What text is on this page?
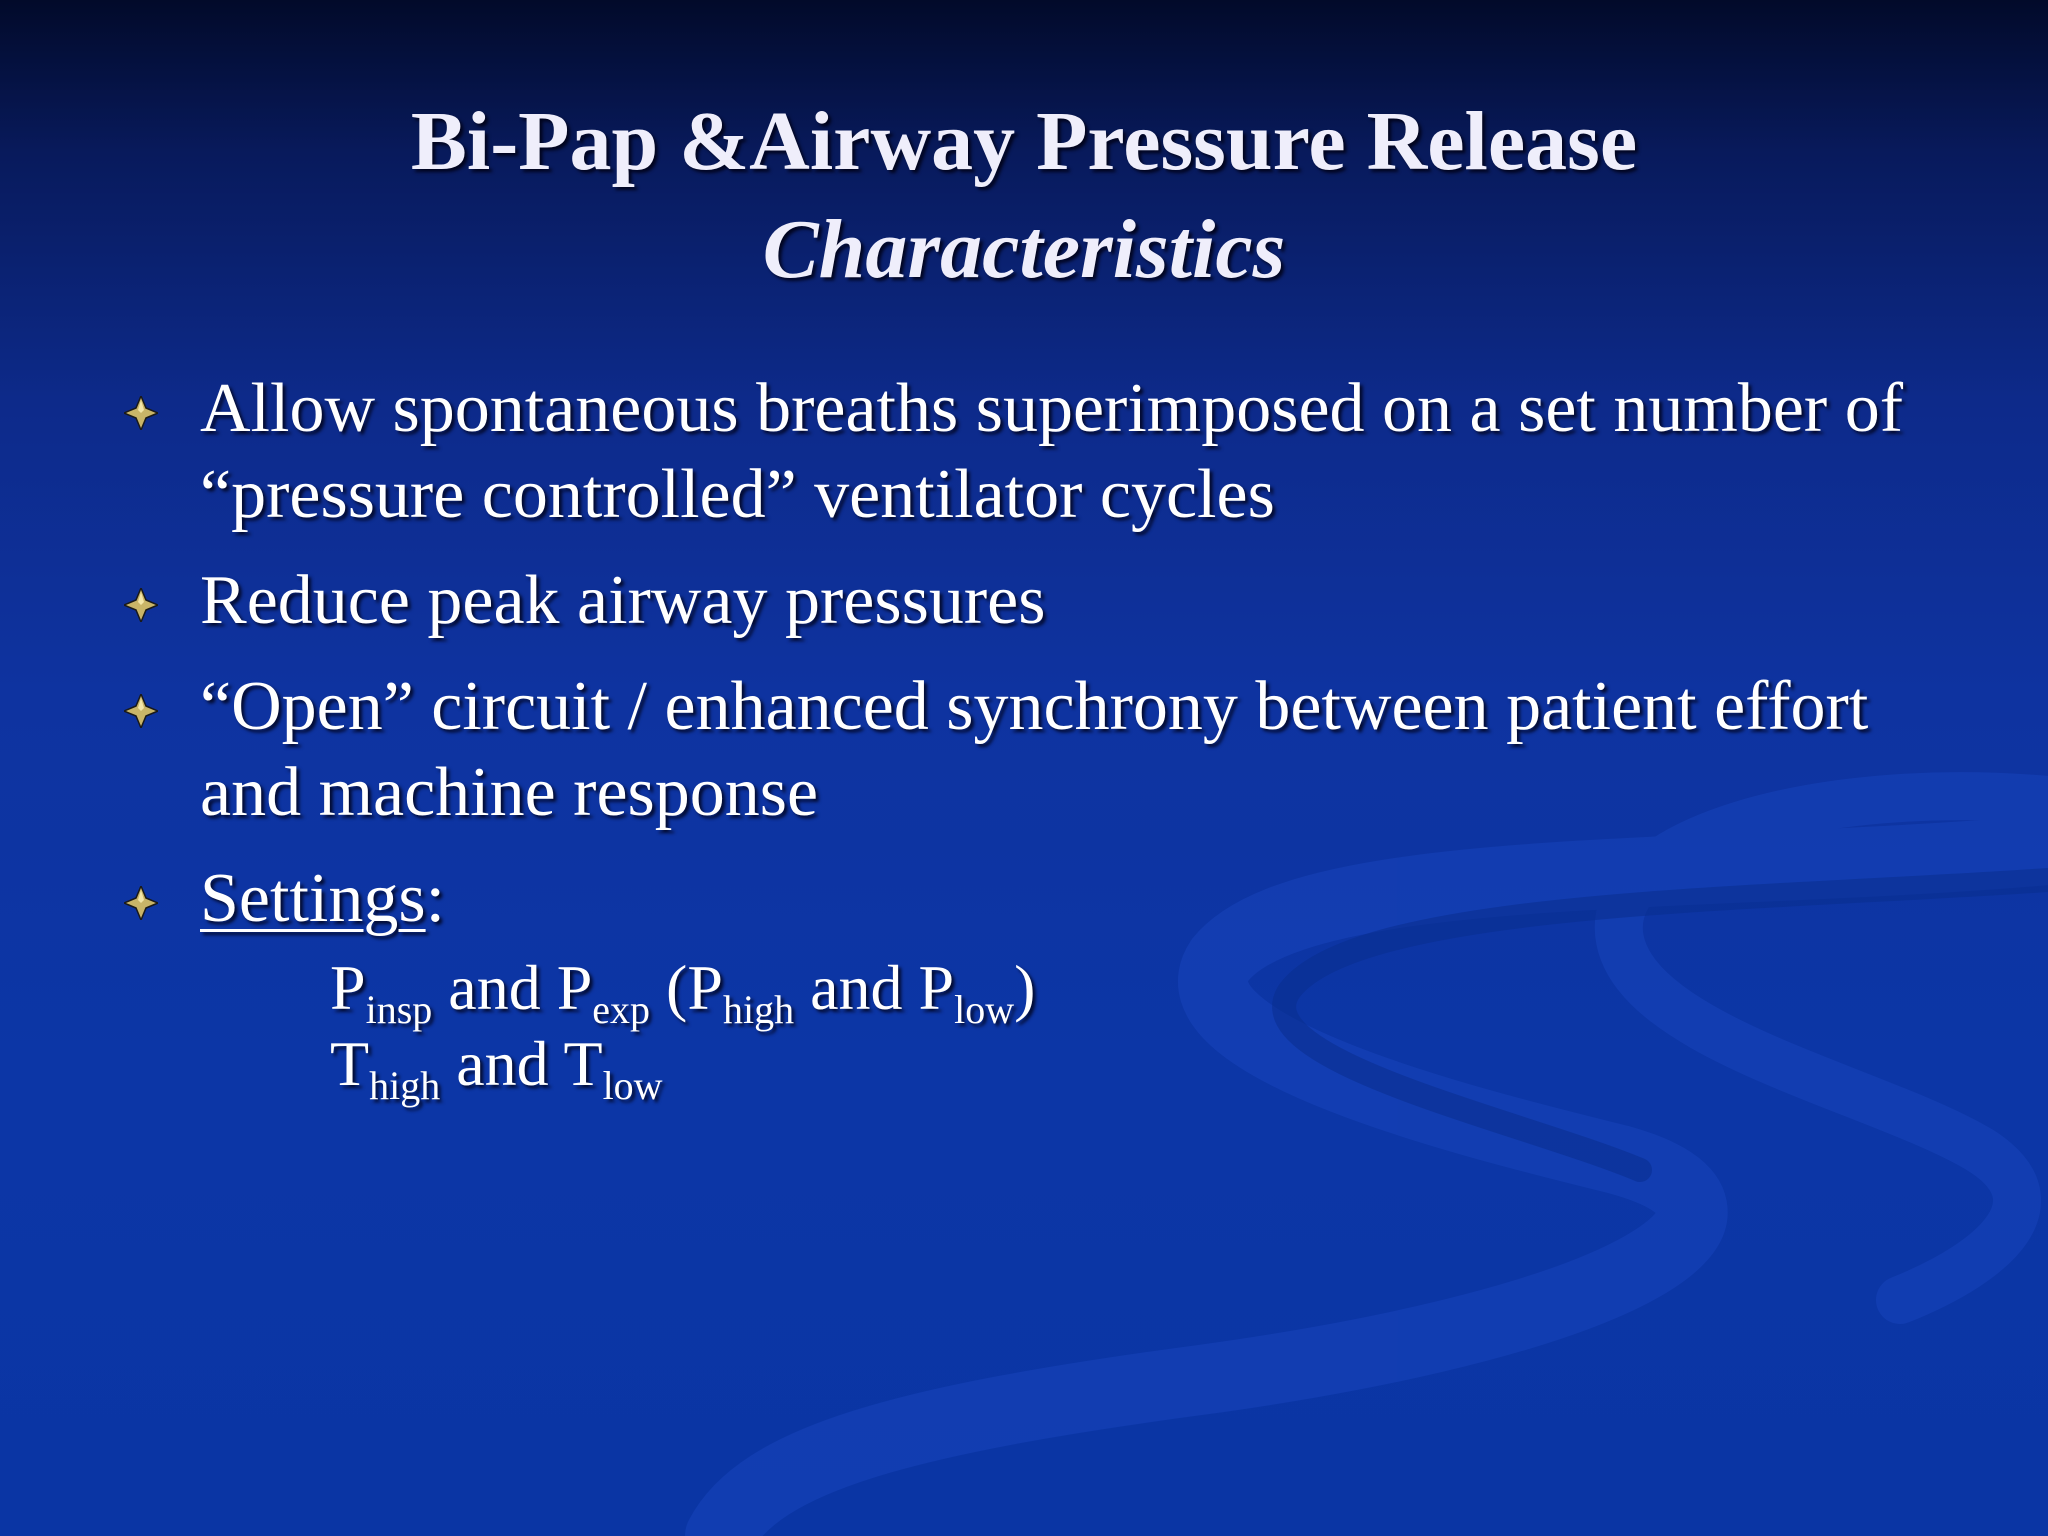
Bi-Pap &Airway Pressure Release
Characteristics
Allow spontaneous breaths superimposed on a set number of “pressure controlled” ventilator cycles
Reduce peak airway pressures
“Open” circuit / enhanced synchrony between patient effort and machine response
Settings:
$P_{insp}$ and $P_{exp}$ ($P_{high}$ and $P_{low}$)
$T_{high}$ and $T_{low}$
